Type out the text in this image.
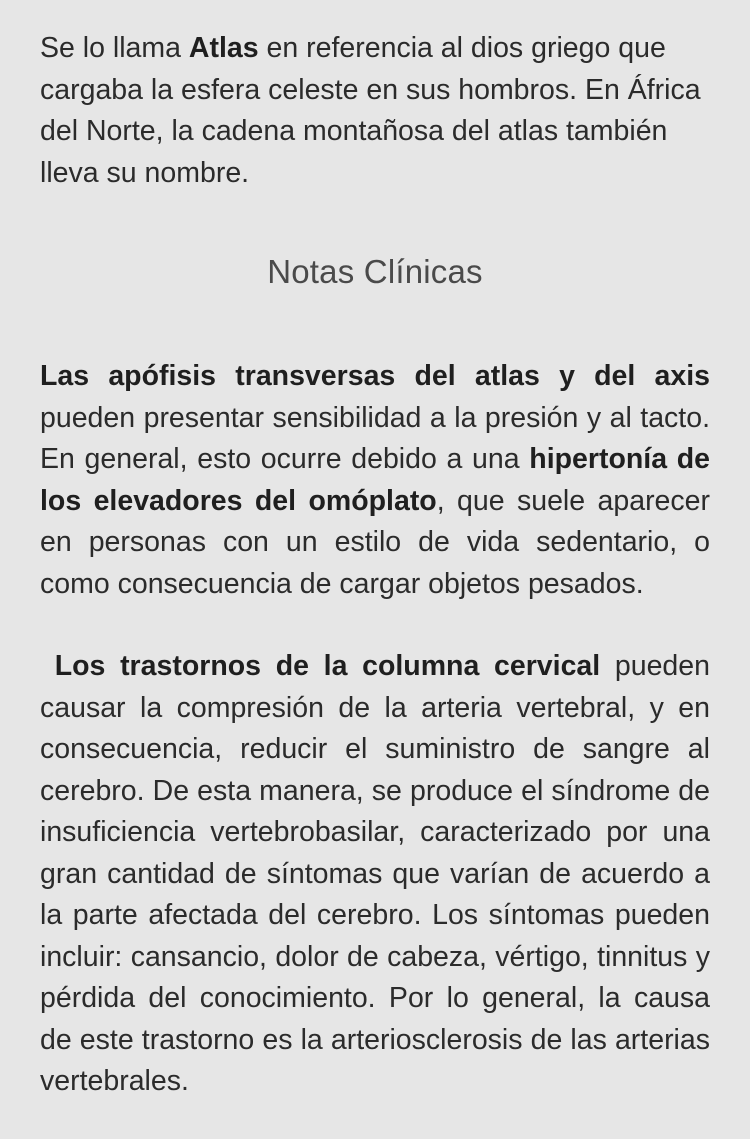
Se lo llama Atlas en referencia al dios griego que cargaba la esfera celeste en sus hombros. En África del Norte, la cadena montañosa del atlas también lleva su nombre.

Notas Clínicas

Las apófisis transversas del atlas y del axis pueden presentar sensibilidad a la presión y al tacto. En general, esto ocurre debido a una hipertonía de los elevadores del omóplato, que suele aparecer en personas con un estilo de vida sedentario, o como consecuencia de cargar objetos pesados.

Los trastornos de la columna cervical pueden causar la compresión de la arteria vertebral, y en consecuencia, reducir el suministro de sangre al cerebro. De esta manera, se produce el síndrome de insuficiencia vertebrobasilar, caracterizado por una gran cantidad de síntomas que varían de acuerdo a la parte afectada del cerebro. Los síntomas pueden incluir: cansancio, dolor de cabeza, vértigo, tinnitus y pérdida del conocimiento. Por lo general, la causa de este trastorno es la arteriosclerosis de las arterias vertebrales.
